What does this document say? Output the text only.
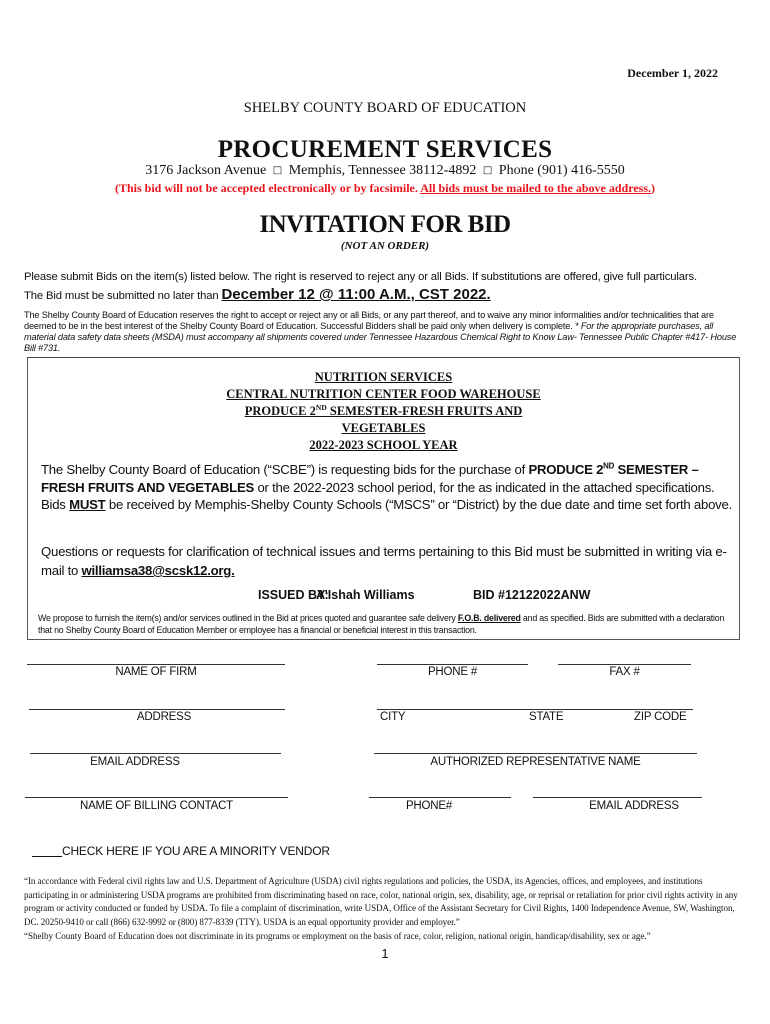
December 1, 2022
SHELBY COUNTY BOARD OF EDUCATION
PROCUREMENT SERVICES
3176 Jackson Avenue □ Memphis, Tennessee 38112-4892 □ Phone (901) 416-5550
(This bid will not be accepted electronically or by facsimile. All bids must be mailed to the above address.)
INVITATION FOR BID
(NOT AN ORDER)
Please submit Bids on the item(s) listed below. The right is reserved to reject any or all Bids. If substitutions are offered, give full particulars.
The Bid must be submitted no later than December 12 @ 11:00 A.M., CST 2022.
The Shelby County Board of Education reserves the right to accept or reject any or all Bids, or any part thereof, and to waive any minor informalities and/or technicalities that are deemed to be in the best interest of the Shelby County Board of Education. Successful Bidders shall be paid only when delivery is complete. * For the appropriate purchases, all material data safety data sheets (MSDA) must accompany all shipments covered under Tennessee Hazardous Chemical Right to Know Law- Tennessee Public Chapter #417- House Bill #731.
NUTRITION SERVICES
CENTRAL NUTRITION CENTER FOOD WAREHOUSE
PRODUCE 2ND SEMESTER-FRESH FRUITS AND
VEGETABLES
2022-2023 SCHOOL YEAR
The Shelby County Board of Education (“SCBE”) is requesting bids for the purchase of PRODUCE 2ND SEMESTER – FRESH FRUITS AND VEGETABLES or the 2022-2023 school period, for the as indicated in the attached specifications. Bids MUST be received by Memphis-Shelby County Schools (“MSCS” or “District) by the due date and time set forth above.
Questions or requests for clarification of technical issues and terms pertaining to this Bid must be submitted in writing via e-mail to williamsa38@scsk12.org.
ISSUED BY:
A’Ishah Williams	BID #12122022ANW
We propose to furnish the item(s) and/or services outlined in the Bid at prices quoted and guarantee safe delivery F.O.B. delivered and as specified. Bids are submitted with a declaration that no Shelby County Board of Education Member or employee has a financial or beneficial interest in this transaction.
NAME OF FIRM	PHONE #	FAX #
ADDRESS	CITY	STATE	ZIP CODE
EMAIL ADDRESS	AUTHORIZED REPRESENTATIVE NAME
NAME OF BILLING CONTACT	PHONE#	EMAIL ADDRESS
CHECK HERE IF YOU ARE A MINORITY VENDOR
“In accordance with Federal civil rights law and U.S. Department of Agriculture (USDA) civil rights regulations and policies, the USDA, its Agencies, offices, and employees, and institutions participating in or administering USDA programs are prohibited from discriminating based on race, color, national origin, sex, disability, age, or reprisal or retaliation for prior civil rights activity in any program or activity conducted or funded by USDA. To file a complaint of discrimination, write USDA, Office of the Assistant Secretary for Civil Rights, 1400 Independence Avenue, SW, Washington, DC. 20250-9410 or call (866) 632-9992 or (800) 877-8339 (TTY). USDA is an equal opportunity provider and employer.”
“Shelby County Board of Education does not discriminate in its programs or employment on the basis of race, color, religion, national origin, handicap/disability, sex or age.”
1
